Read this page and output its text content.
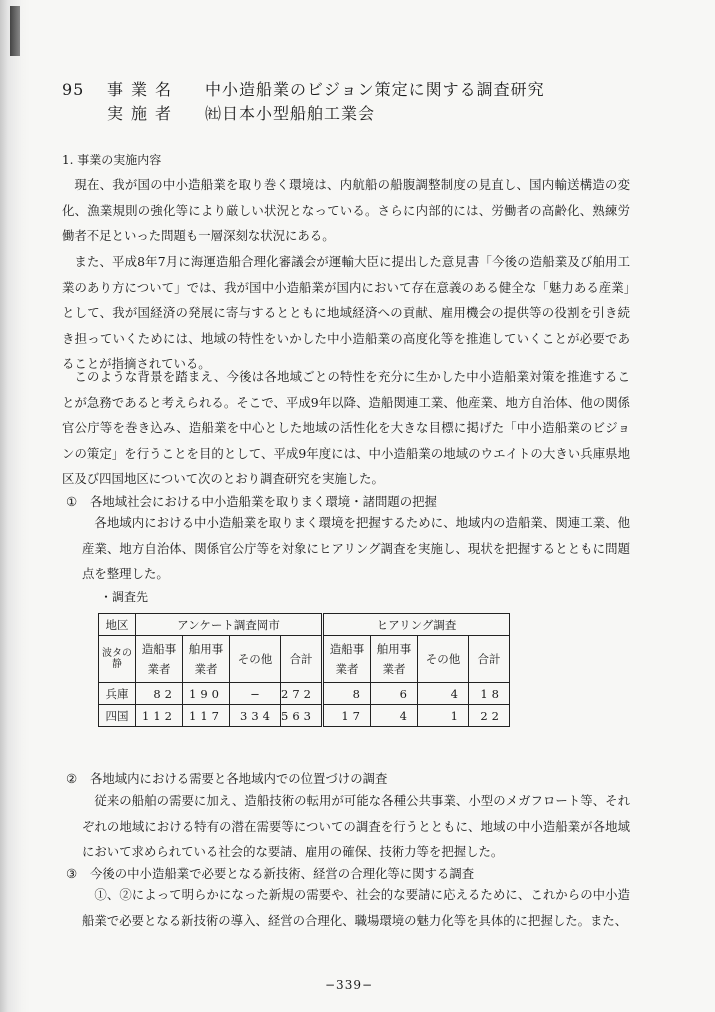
95 事業名 中小造船業のビジョン策定に関する調査研究
実施者 ㈳日本小型船舶工業会
1. 事業の実施内容
現在、我が国の中小造船業を取り巻く環境は、内航船の船腹調整制度の見直し、国内輸送構造の変化、漁業規則の強化等により厳しい状況となっている。さらに内部的には、労働者の高齢化、熟練労働者不足といった問題も一層深刻な状況にある。
また、平成8年7月に海運造船合理化審議会が運輸大臣に提出した意見書「今後の造船業及び舶用工業のあり方について」では、我が国中小造船業が国内において存在意義のある健全な「魅力ある産業」として、我が国経済の発展に寄与するとともに地域経済への貢献、雇用機会の提供等の役割を引き続き担っていくためには、地域の特性をいかした中小造船業の高度化等を推進していくことが必要であることが指摘されている。
このような背景を踏まえ、今後は各地域ごとの特性を充分に生かした中小造船業対策を推進することが急務であると考えられる。そこで、平成9年以降、造船関連工業、他産業、地方自治体、他の関係官公庁等を巻き込み、造船業を中心とした地域の活性化を大きな目標に掲げた「中小造船業のビジョンの策定」を行うことを目的として、平成9年度には、中小造船業の地域のウエイトの大きい兵庫県地区及び四国地区について次のとおり調査研究を実施した。
① 各地域社会における中小造船業を取りまく環境・諸問題の把握
各地域内における中小造船業を取りまく環境を把握するために、地域内の造船業、関連工業、他産業、地方自治体、関係官公庁等を対象にヒアリング調査を実施し、現状を把握するとともに問題点を整理した。
・調査先
地区	アンケート調査岡市				ヒアリング調査			
波タの静	造船事業者	舶用事業者	その他	合計	造船事業者	舶用事業者	その他	合計
兵庫	82	190	−	272	8	6	4	18
四国	112	117	334	563	17	4	1	22
② 各地域内における需要と各地域内での位置づけの調査
従来の船舶の需要に加え、造船技術の転用が可能な各種公共事業、小型のメガフロート等、それぞれの地域における特有の潜在需要等についての調査を行うとともに、地域の中小造船業が各地域において求められている社会的な要請、雇用の確保、技術力等を把握した。
③ 今後の中小造船業で必要となる新技術、経営の合理化等に関する調査
①、②によって明らかになった新規の需要や、社会的な要請に応えるために、これからの中小造船業で必要となる新技術の導入、経営の合理化、職場環境の魅力化等を具体的に把握した。また、
−339−
